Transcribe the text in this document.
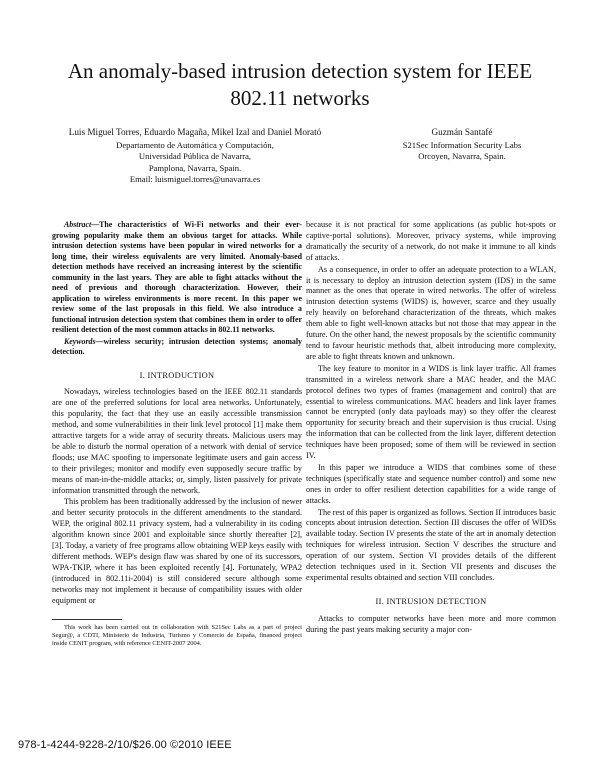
An anomaly-based intrusion detection system for IEEE 802.11 networks
Luis Miguel Torres, Eduardo Magaña, Mikel Izal and Daniel Morató
Departamento de Automática y Computación,
Universidad Pública de Navarra,
Pamplona, Navarra, Spain.
Email: luismiguel.torres@unavarra.es
Guzmán Santafé
S21Sec Information Security Labs
Orcoyen, Navarra, Spain.

Abstract—The characteristics of Wi-Fi networks and their ever-growing popularity make them an obvious target for attacks. While intrusion detection systems have been popular in wired networks for a long time, their wireless equivalents are very limited. Anomaly-based detection methods have received an increasing interest by the scientific community in the last years. They are able to fight attacks without the need of previous and thorough characterization. However, their application to wireless environments is more recent. In this paper we review some of the last proposals in this field. We also introduce a functional intrusion detection system that combines them in order to offer resilient detection of the most common attacks in 802.11 networks.

Keywords—wireless security; intrusion detection systems; anomaly detection.

I. INTRODUCTION

Nowadays, wireless technologies based on the IEEE 802.11 standards are one of the preferred solutions for local area networks. Unfortunately, this popularity, the fact that they use an easily accessible transmission method, and some vulnerabilities in their link level protocol [1] make them attractive targets for a wide array of security threats. Malicious users may be able to disturb the normal operation of a network with denial of service floods; use MAC spoofing to impersonate legitimate users and gain access to their privileges; monitor and modify even supposedly secure traffic by means of man-in-the-middle attacks; or, simply, listen passively for private information transmitted through the network.

This problem has been traditionally addressed by the inclusion of newer and better security protocols in the different amendments to the standard. WEP, the original 802.11 privacy system, had a vulnerability in its coding algorithm known since 2001 and exploitable since shortly thereafter [2], [3]. Today, a variety of free programs allow obtaining WEP keys easily with different methods. WEP's design flaw was shared by one of its successors, WPA-TKIP, where it has been exploited recently [4]. Fortunately, WPA2 (introduced in 802.11i-2004) is still considered secure although some networks may not implement it because of compatibility issues with older equipment or

This work has been carried out in collaboration with S21Sec Labs as a part of project Segur@, a CDTI, Ministerio de Industria, Turismo y Comercio de España, financed project inside CENIT program, with reference CENIT-2007 2004.

because it is not practical for some applications (as public hot-spots or captive-portal solutions). Moreover, privacy systems, while improving dramatically the security of a network, do not make it immune to all kinds of attacks.

As a consequence, in order to offer an adequate protection to a WLAN, it is necessary to deploy an intrusion detection system (IDS) in the same manner as the ones that operate in wired networks. The offer of wireless intrusion detection systems (WIDS) is, however, scarce and they usually rely heavily on beforehand characterization of the threats, which makes them able to fight well-known attacks but not those that may appear in the future. On the other hand, the newest proposals by the scientific community tend to favour heuristic methods that, albeit introducing more complexity, are able to fight threats known and unknown.

The key feature to monitor in a WIDS is link layer traffic. All frames transmitted in a wireless network share a MAC header, and the MAC protocol defines two types of frames (management and control) that are essential to wireless communications. MAC headers and link layer frames cannot be encrypted (only data payloads may) so they offer the clearest opportunity for security breach and their supervision is thus crucial. Using the information that can be collected from the link layer, different detection techniques have been proposed; some of them will be reviewed in section IV.

In this paper we introduce a WIDS that combines some of these techniques (specifically state and sequence number control) and some new ones in order to offer resilient detection capabilities for a wide range of attacks.

The rest of this paper is organized as follows. Section II introduces basic concepts about intrusion detection. Section III discuses the offer of WIDSs available today. Section IV presents the state of the art in anomaly detection techniques for wireless intrusion. Section V describes the structure and operation of our system. Section VI provides details of the different detection techniques used in it. Section VII presents and discuses the experimental results obtained and section VIII concludes.

II. INTRUSION DETECTION

Attacks to computer networks have been more and more common during the past years making security a major con-

978-1-4244-9228-2/10/$26.00 ©2010 IEEE
